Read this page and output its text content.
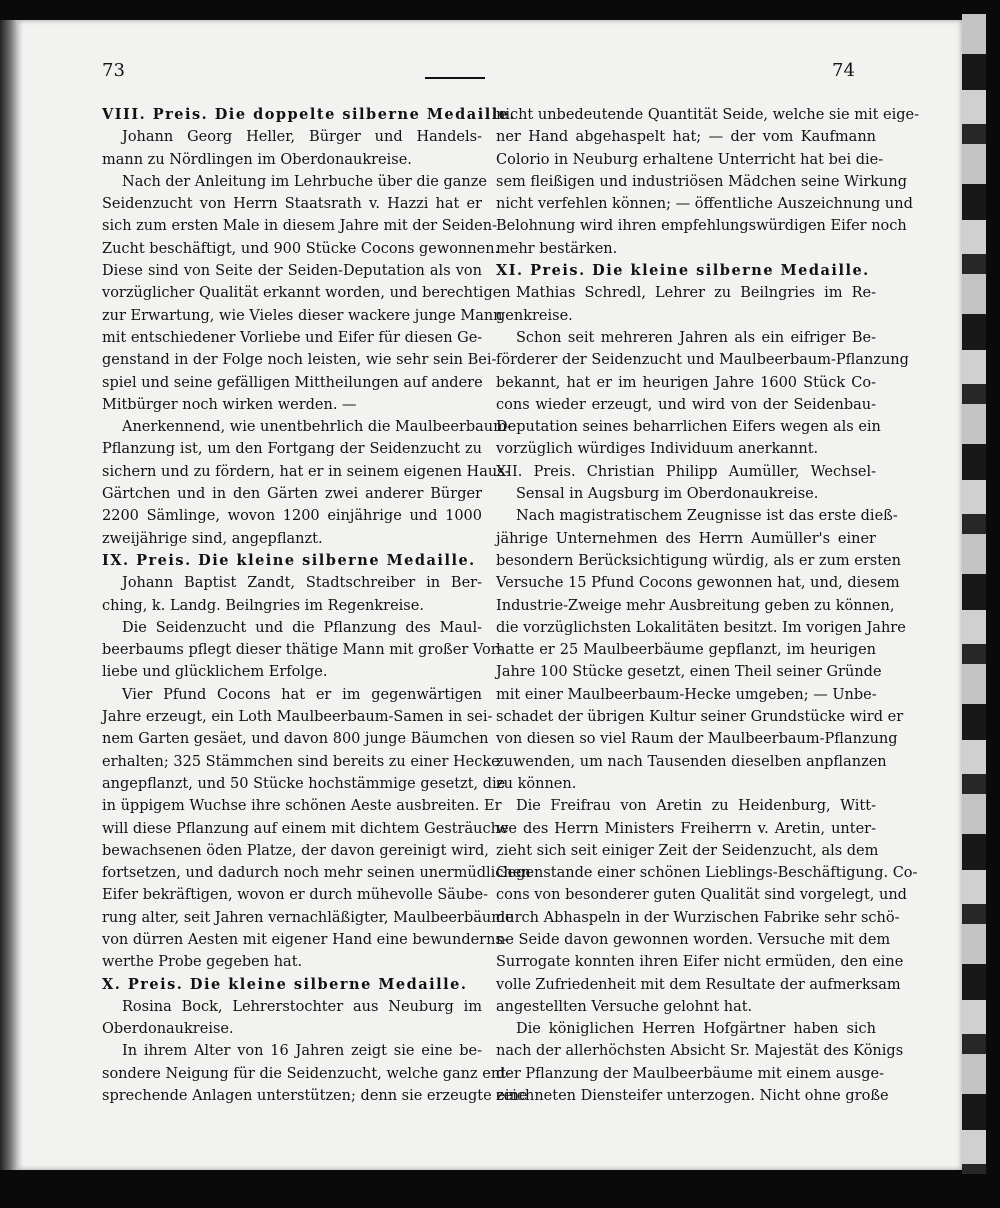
73	74
VIII. Preis. Die doppelte silberne Medaille.
Johann Georg Heller, Bürger und Handels-
mann zu Nördlingen im Oberdonaukreise.
Nach der Anleitung im Lehrbuche über die ganze
Seidenzucht von Herrn Staatsrath v. Hazzi hat er
sich zum ersten Male in diesem Jahre mit der Seiden-
Zucht beschäftigt, und 900 Stücke Cocons gewonnen.
Diese sind von Seite der Seiden-Deputation als von
vorzüglicher Qualität erkannt worden, und berechtigen
zur Erwartung, wie Vieles dieser wackere junge Mann
mit entschiedener Vorliebe und Eifer für diesen Ge-
genstand in der Folge noch leisten, wie sehr sein Bei-
spiel und seine gefälligen Mittheilungen auf andere
Mitbürger noch wirken werden. —
Anerkennend, wie unentbehrlich die Maulbeerbaum-
Pflanzung ist, um den Fortgang der Seidenzucht zu
sichern und zu fördern, hat er in seinem eigenen Haus-
Gärtchen und in den Gärten zwei anderer Bürger
2200 Sämlinge, wovon 1200 einjährige und 1000
zweijährige sind, angepflanzt.
IX. Preis. Die kleine silberne Medaille.
Johann Baptist Zandt, Stadtschreiber in Ber-
ching, k. Landg. Beilngries im Regenkreise.
Die Seidenzucht und die Pflanzung des Maul-
beerbaums pflegt dieser thätige Mann mit großer Vor-
liebe und glücklichem Erfolge.
Vier Pfund Cocons hat er im gegenwärtigen
Jahre erzeugt, ein Loth Maulbeerbaum-Samen in sei-
nem Garten gesäet, und davon 800 junge Bäumchen
erhalten; 325 Stämmchen sind bereits zu einer Hecke
angepflanzt, und 50 Stücke hochstämmige gesetzt, die
in üppigem Wuchse ihre schönen Aeste ausbreiten. Er
will diese Pflanzung auf einem mit dichtem Gesträuche
bewachsenen öden Platze, der davon gereinigt wird,
fortsetzen, und dadurch noch mehr seinen unermüdlichen
Eifer bekräftigen, wovon er durch mühevolle Säube-
rung alter, seit Jahren vernachläßigter, Maulbeerbäume
von dürren Aesten mit eigener Hand eine bewunderns-
werthe Probe gegeben hat.
X. Preis. Die kleine silberne Medaille.
Rosina Bock, Lehrerstochter aus Neuburg im
Oberdonaukreise.
In ihrem Alter von 16 Jahren zeigt sie eine be-
sondere Neigung für die Seidenzucht, welche ganz ent-
sprechende Anlagen unterstützen; denn sie erzeugte eine
nicht unbedeutende Quantität Seide, welche sie mit eige-
ner Hand abgehaspelt hat; — der vom Kaufmann
Colorio in Neuburg erhaltene Unterricht hat bei die-
sem fleißigen und industriösen Mädchen seine Wirkung
nicht verfehlen können; — öffentliche Auszeichnung und
Belohnung wird ihren empfehlungswürdigen Eifer noch
mehr bestärken.
XI. Preis. Die kleine silberne Medaille.
Mathias Schredl, Lehrer zu Beilngries im Re-
genkreise.
Schon seit mehreren Jahren als ein eifriger Be-
förderer der Seidenzucht und Maulbeerbaum-Pflanzung
bekannt, hat er im heurigen Jahre 1600 Stück Co-
cons wieder erzeugt, und wird von der Seidenbau-
Deputation seines beharrlichen Eifers wegen als ein
vorzüglich würdiges Individuum anerkannt.
XII. Preis. Christian Philipp Aumüller, Wechsel-
Sensal in Augsburg im Oberdonaukreise.
Nach magistratischem Zeugnisse ist das erste dieß-
jährige Unternehmen des Herrn Aumüller's einer
besondern Berücksichtigung würdig, als er zum ersten
Versuche 15 Pfund Cocons gewonnen hat, und, diesem
Industrie-Zweige mehr Ausbreitung geben zu können,
die vorzüglichsten Lokalitäten besitzt. Im vorigen Jahre
hatte er 25 Maulbeerbäume gepflanzt, im heurigen
Jahre 100 Stücke gesetzt, einen Theil seiner Gründe
mit einer Maulbeerbaum-Hecke umgeben; — Unbe-
schadet der übrigen Kultur seiner Grundstücke wird er
von diesen so viel Raum der Maulbeerbaum-Pflanzung
zuwenden, um nach Tausenden dieselben anpflanzen
zu können.
Die Freifrau von Aretin zu Heidenburg, Witt-
we des Herrn Ministers Freiherrn v. Aretin, unter-
zieht sich seit einiger Zeit der Seidenzucht, als dem
Gegenstande einer schönen Lieblings-Beschäftigung. Co-
cons von besonderer guten Qualität sind vorgelegt, und
durch Abhaspeln in der Wurzischen Fabrike sehr schö-
ne Seide davon gewonnen worden. Versuche mit dem
Surrogate konnten ihren Eifer nicht ermüden, den eine
volle Zufriedenheit mit dem Resultate der aufmerksam
angestellten Versuche gelohnt hat.
Die königlichen Herren Hofgärtner haben sich
nach der allerhöchsten Absicht Sr. Majestät des Königs
der Pflanzung der Maulbeerbäume mit einem ausge-
zeichneten Diensteifer unterzogen. Nicht ohne große
